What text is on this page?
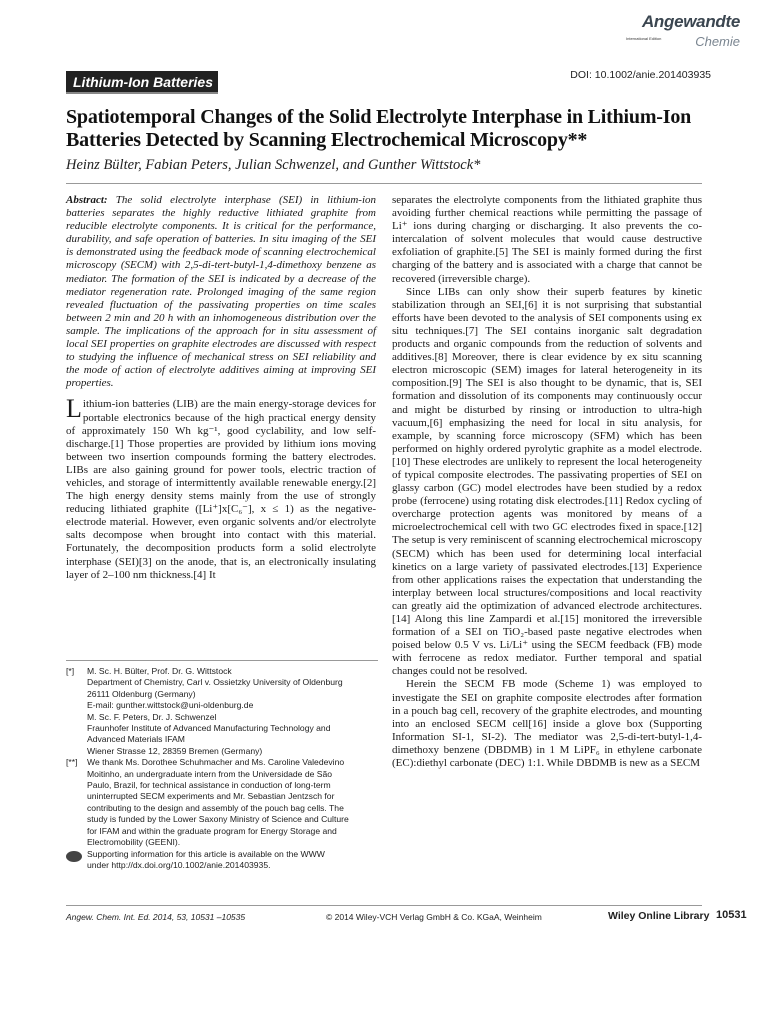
Angewandte
International Edition	Chemie
Lithium-Ion Batteries	DOI: 10.1002/anie.201403935
Spatiotemporal Changes of the Solid Electrolyte Interphase in Lithium-Ion Batteries Detected by Scanning Electrochemical Microscopy**
Heinz Bülter, Fabian Peters, Julian Schwenzel, and Gunther Wittstock*

Abstract: The solid electrolyte interphase (SEI) in lithium-ion batteries separates the highly reductive lithiated graphite from reducible electrolyte components. It is critical for the performance, durability, and safe operation of batteries. In situ imaging of the SEI is demonstrated using the feedback mode of scanning electrochemical microscopy (SECM) with 2,5-di-tert-butyl-1,4-dimethoxy benzene as mediator. The formation of the SEI is indicated by a decrease of the mediator regeneration rate. Prolonged imaging of the same region revealed fluctuation of the passivating properties on time scales between 2 min and 20 h with an inhomogeneous distribution over the sample. The implications of the approach for in situ assessment of local SEI properties on graphite electrodes are discussed with respect to studying the influence of mechanical stress on SEI reliability and the mode of action of electrolyte additives aiming at improving SEI properties.

Lithium-ion batteries (LIB) are the main energy-storage devices for portable electronics because of the high practical energy density of approximately 150 Wh kg⁻¹, good cyclability, and low self-discharge.[1] Those properties are provided by lithium ions moving between two insertion compounds forming the battery electrodes. LIBs are also gaining ground for power tools, electric traction of vehicles, and storage of intermittently available renewable energy.[2] The high energy density stems mainly from the use of strongly reducing lithiated graphite ([Li⁺]x[C₆⁻], x ≤ 1) as the negative-electrode material. However, even organic solvents and/or electrolyte salts decompose when brought into contact with this material. Fortunately, the decomposition products form a solid electrolyte interphase (SEI)[3] on the anode, that is, an electronically insulating layer of 2–100 nm thickness.[4] It
[*]	M. Sc. H. Bülter, Prof. Dr. G. Wittstock
Department of Chemistry, Carl v. Ossietzky University of Oldenburg
26111 Oldenburg (Germany)
E-mail: gunther.wittstock@uni-oldenburg.de
M. Sc. F. Peters, Dr. J. Schwenzel
Fraunhofer Institute of Advanced Manufacturing Technology and
Advanced Materials IFAM
Wiener Strasse 12, 28359 Bremen (Germany)
[**]	We thank Ms. Dorothee Schuhmacher and Ms. Caroline Valedevino
Moitinho, an undergraduate intern from the Universidade de São
Paulo, Brazil, for technical assistance in conduction of long-term
uninterrupted SECM experiments and Mr. Sebastian Jentzsch for
contributing to the design and assembly of the pouch bag cells. The
study is funded by the Lower Saxony Ministry of Science and Culture
for IFAM and within the graduate program for Energy Storage and
Electromobility (GEENI).
Supporting information for this article is available on the WWW
under http://dx.doi.org/10.1002/anie.201403935.

separates the electrolyte components from the lithiated graphite thus avoiding further chemical reactions while permitting the passage of Li⁺ ions during charging or discharging. It also prevents the co-intercalation of solvent molecules that would cause destructive exfoliation of graphite.[5] The SEI is mainly formed during the first charging of the battery and is associated with a charge that cannot be recovered (irreversible charge).

Since LIBs can only show their superb features by kinetic stabilization through an SEI,[6] it is not surprising that substantial efforts have been devoted to the analysis of SEI components using ex situ techniques.[7] The SEI contains inorganic salt degradation products and organic compounds from the reduction of solvents and additives.[8] Moreover, there is clear evidence by ex situ scanning electron microscopic (SEM) images for lateral heterogeneity in its composition.[9] The SEI is also thought to be dynamic, that is, SEI formation and dissolution of its components may continuously occur and might be disturbed by rinsing or introduction to ultra-high vacuum,[6] emphasizing the need for local in situ analysis, for example, by scanning force microscopy (SFM) which has been performed on highly ordered pyrolytic graphite as a model electrode.[10] These electrodes are unlikely to represent the local heterogeneity of typical composite electrodes. The passivating properties of SEI on glassy carbon (GC) model electrodes have been studied by a redox probe (ferrocene) using rotating disk electrodes.[11] Redox cycling of overcharge protection agents was monitored by means of a microelectrochemical cell with two GC electrodes fixed in space.[12] The setup is very reminiscent of scanning electrochemical microscopy (SECM) which has been used for determining local interfacial kinetics on a large variety of passivated electrodes.[13] Experience from other applications raises the expectation that understanding the interplay between local structures/compositions and local reactivity can greatly aid the optimization of advanced electrode architectures.[14] Along this line Zampardi et al.[15] monitored the irreversible formation of a SEI on TiO₂-based paste negative electrodes when poised below 0.5 V vs. Li/Li⁺ using the SECM feedback (FB) mode with ferrocene as redox mediator. Further temporal and spatial changes could not be resolved.

Herein the SECM FB mode (Scheme 1) was employed to investigate the SEI on graphite composite electrodes after formation in a pouch bag cell, recovery of the graphite electrodes, and mounting into an enclosed SECM cell[16] inside a glove box (Supporting Information SI-1, SI-2). The mediator was 2,5-di-tert-butyl-1,4-dimethoxy benzene (DBDMB) in 1 M LiPF₆ in ethylene carbonate (EC):diethyl carbonate (DEC) 1:1. While DBDMB is new as a SECM

Angew. Chem. Int. Ed. 2014, 53, 10531 –10535	© 2014 Wiley-VCH Verlag GmbH & Co. KGaA, Weinheim	Wiley Online Library 10531
